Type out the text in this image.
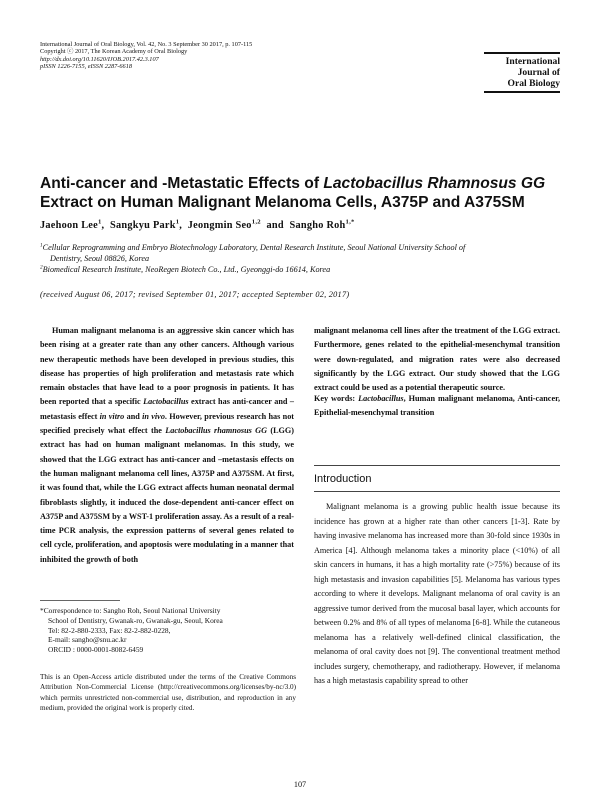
International Journal of Oral Biology, Vol. 42, No. 3 September 30 2017, p. 107-115
Copyright ⓒ 2017, The Korean Academy of Oral Biology
http://dx.doi.org/10.11620/IJOB.2017.42.3.107
pISSN 1226-7155, eISSN 2287-6618	International
Journal of
Oral Biology
Anti-cancer and -Metastatic Effects of Lactobacillus Rhamnosus GG Extract on Human Malignant Melanoma Cells, A375P and A375SM
Jaehoon Lee$^1$,  Sangkyu Park$^1$,  Jeongmin Seo$^{1,2}$ and Sangho Roh$^{1,*}$
$^1$Cellular Reprogramming and Embryo Biotechnology Laboratory, Dental Research Institute, Seoul National University School of
Dentistry, Seoul 08826, Korea
$^2$Biomedical Research Institute, NeoRegen Biotech Co., Ltd., Gyeonggi-do 16614, Korea
(received August 06, 2017; revised September 01, 2017; accepted September 02, 2017)
Human malignant melanoma is an aggressive skin cancer which has been rising at a greater rate than any other cancers. Although various new therapeutic methods have been developed in previous studies, this disease has properties of high proliferation and metastasis rate which remain obstacles that have lead to a poor prognosis in patients. It has been reported that a specific Lactobacillus extract has anti-cancer and –metastasis effect in vitro and in vivo. However, previous research has not specified precisely what effect the Lactobacillus rhamnosus GG (LGG) extract has had on human malignant melanomas. In this study, we showed that the LGG extract has anti-cancer and –metastasis effects on the human malignant melanoma cell lines, A375P and A375SM. At first, it was found that, while the LGG extract affects human neonatal dermal fibroblasts slightly, it induced the dose-dependent anti-cancer effect on A375P and A375SM by a WST-1 proliferation assay. As a result of a real-time PCR analysis, the expression patterns of several genes related to cell cycle, proliferation, and apoptosis were modulating in a manner that inhibited the growth of both
malignant melanoma cell lines after the treatment of the LGG extract. Furthermore, genes related to the epithelial-mesenchymal transition were down-regulated, and migration rates were also decreased significantly by the LGG extract. Our study showed that the LGG extract could be used as a potential therapeutic source.
Key words: Lactobacillus, Human malignant melanoma, Anti-cancer, Epithelial-mesenchymal transition
Introduction

Malignant melanoma is a growing public health issue because its incidence has grown at a higher rate than other cancers [1-3]. Rate by having invasive melanoma has increased more than 30-fold since 1930s in America [4]. Although melanoma takes a minority place (<10%) of all skin cancers in humans, it has a high mortality rate (>75%) because of its high metastasis and invasion capabilities [5]. Melanoma has various types according to where it develops. Malignant melanoma of oral cavity is an aggressive tumor derived from the mucosal basal layer, which accounts for between 0.2% and 8% of all types of melanoma [6-8]. While the cutaneous melanoma has a relatively well-defined clinical classification, the melanoma of oral cavity does not [9]. The conventional treatment method includes surgery, chemotherapy, and radiotherapy. However, if melanoma has a high metastasis capability spread to other

*Correspondence to: Sangho Roh, Seoul National University
School of Dentistry, Gwanak-ro, Gwanak-gu, Seoul, Korea
Tel: 82-2-880-2333, Fax: 82-2-882-0228,
E-mail: sangho@snu.ac.kr
ORCID : 0000-0001-8082-6459
This is an Open-Access article distributed under the terms of the Creative Commons Attribution Non-Commercial License (http://creativecommons.org/licenses/by-nc/3.0) which permits unrestricted non-commercial use, distribution, and reproduction in any medium, provided the original work is properly cited.
107
